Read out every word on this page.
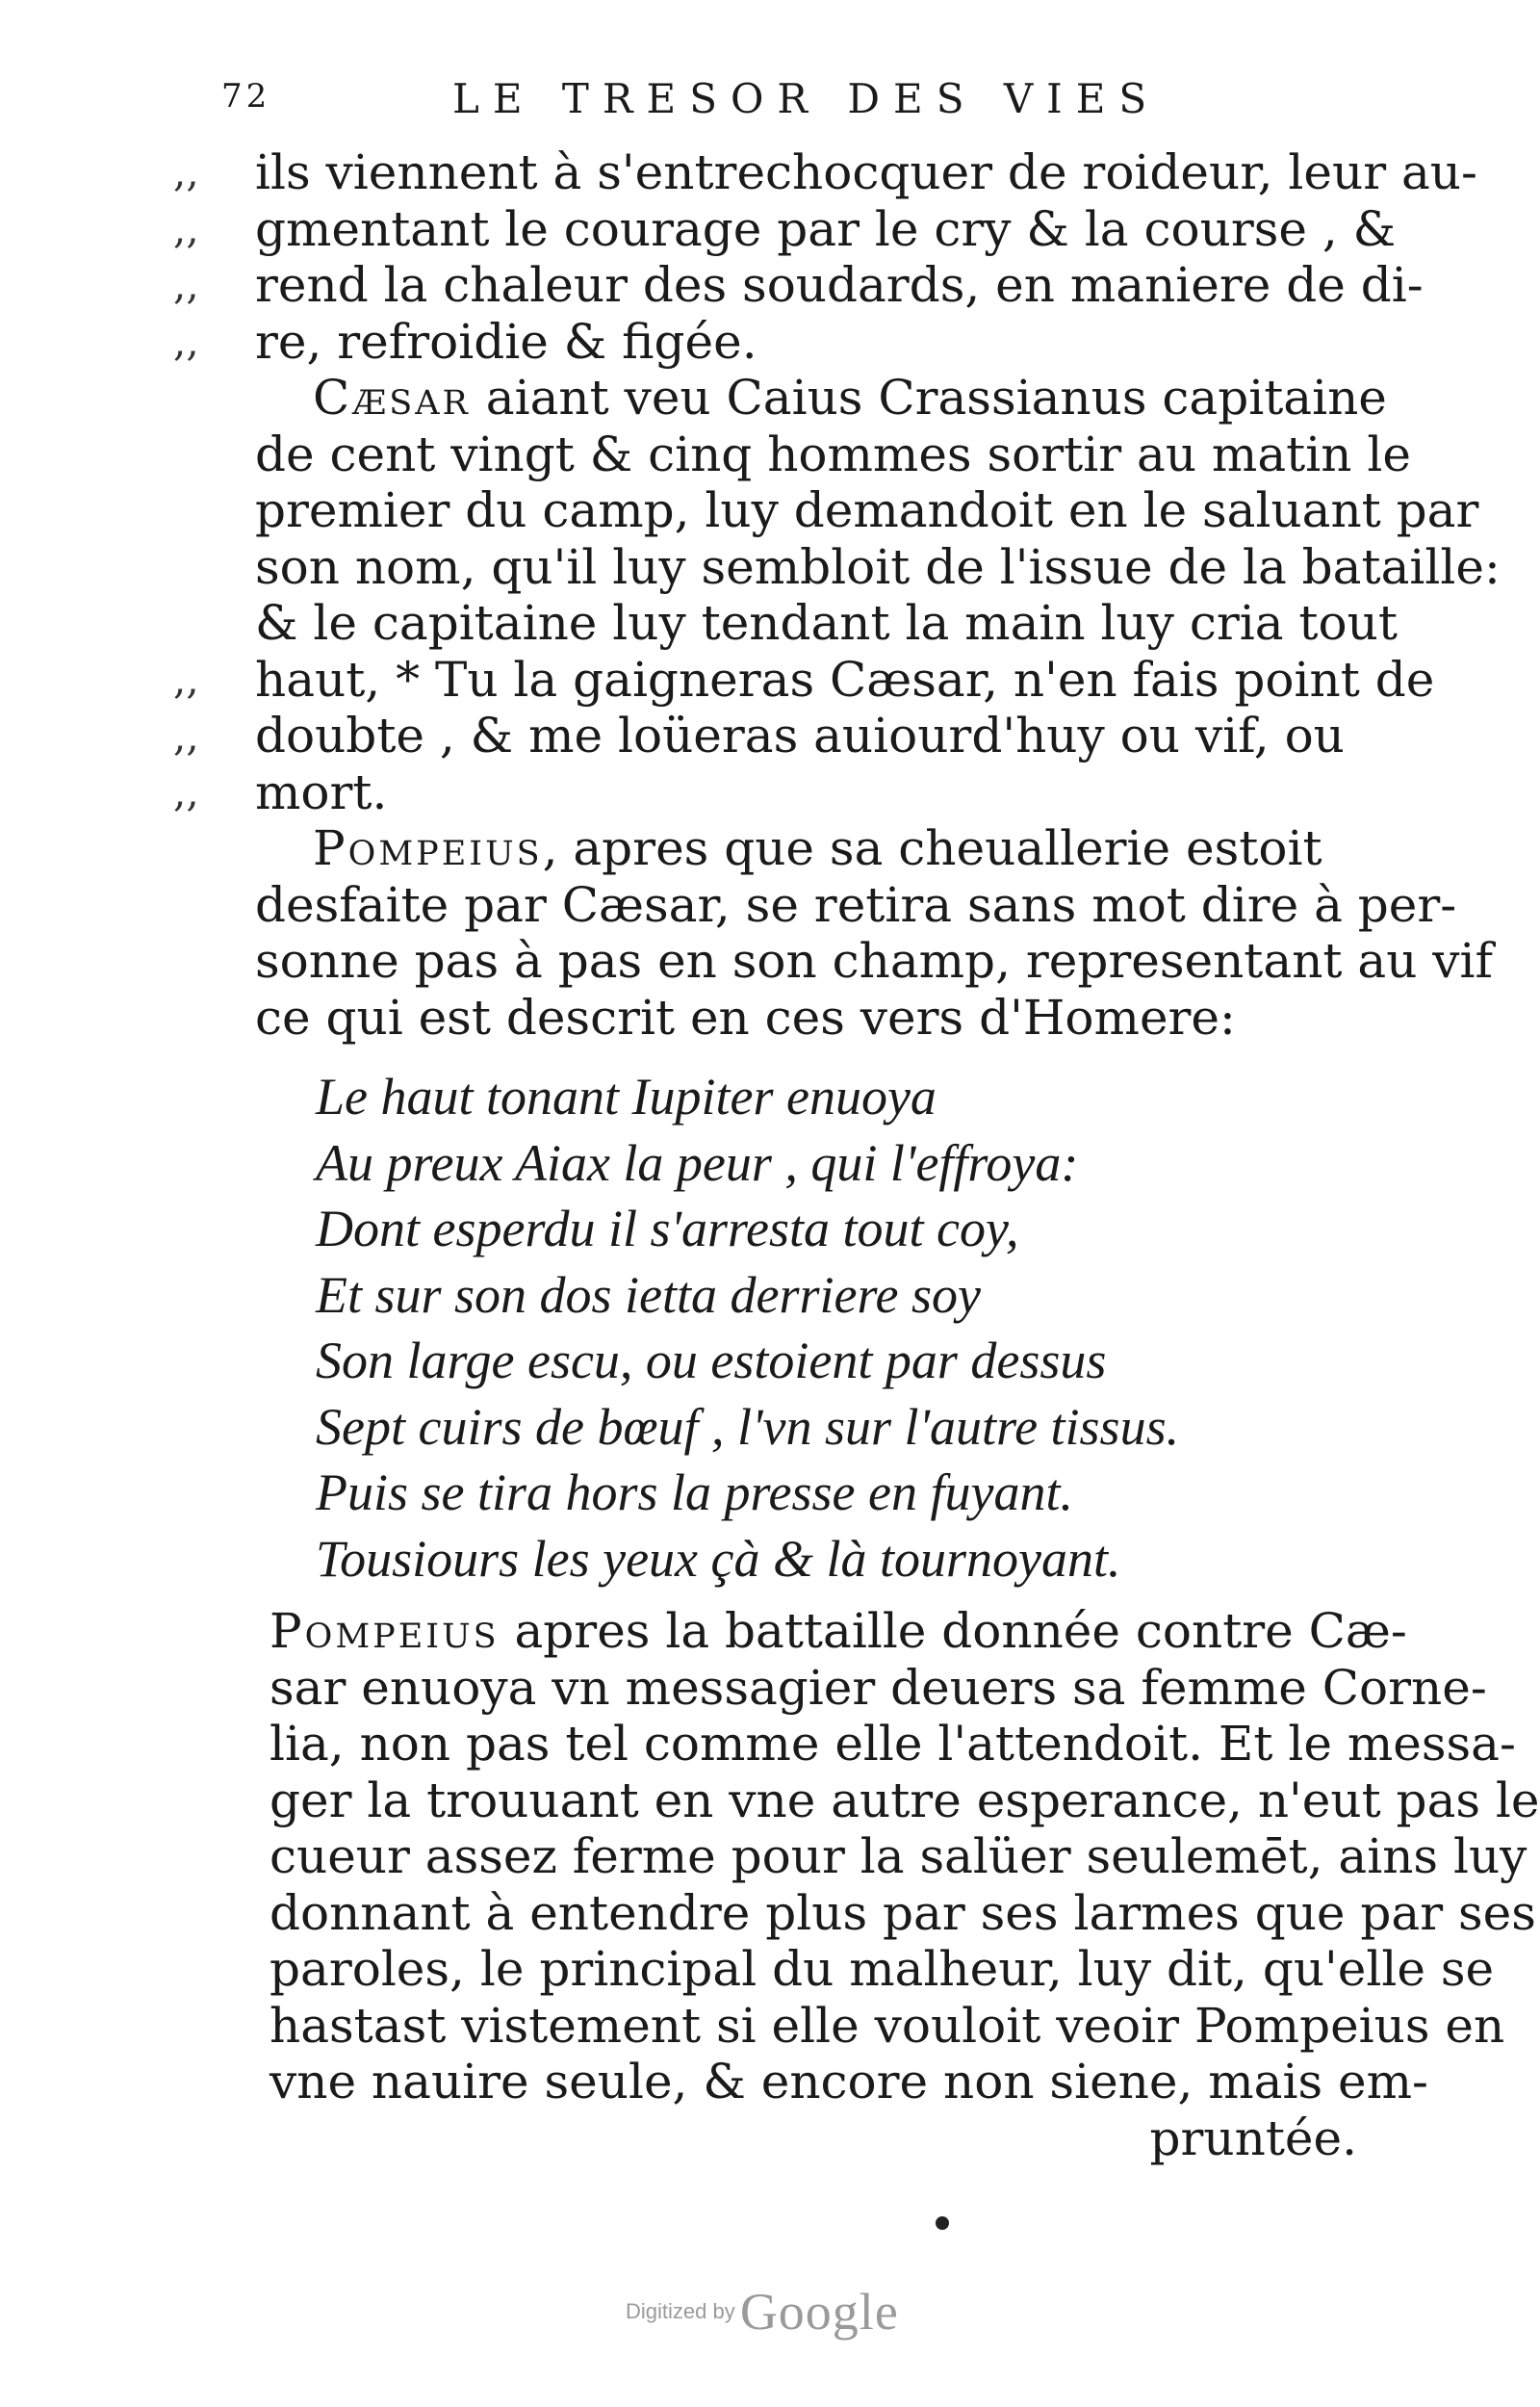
72	LE TRESOR DES VIES
,,
,,
,,
,,
,,
,,
,,
ils viennent à s'entrechocquer de roideur, leur au-
gmentant le courage par le cry & la course , &
rend la chaleur des soudards, en maniere de di-
re, refroidie & figée.
Cæsar aiant veu Caius Crassianus capitaine
de cent vingt & cinq hommes sortir au matin le
premier du camp, luy demandoit en le saluant par
son nom, qu'il luy sembloit de l'issue de la bataille:
& le capitaine luy tendant la main luy cria tout
haut, * Tu la gaigneras Cæsar, n'en fais point de
doubte , & me loüeras auiourd'huy ou vif, ou
mort.
Pompeius, apres que sa cheuallerie estoit
desfaite par Cæsar, se retira sans mot dire à per-
sonne pas à pas en son champ, representant au vif
ce qui est descrit en ces vers d'Homere:
Le haut tonant Iupiter enuoya
Au preux Aiax la peur , qui l'effroya:
Dont esperdu il s'arresta tout coy,
Et sur son dos ietta derriere soy
Son large escu, ou estoient par dessus
Sept cuirs de bœuf , l'vn sur l'autre tissus.
Puis se tira hors la presse en fuyant.
Tousiours les yeux çà & là tournoyant.
Pompeius apres la battaille donnée contre Cæ-
sar enuoya vn messagier deuers sa femme Corne-
lia, non pas tel comme elle l'attendoit. Et le messa-
ger la trouuant en vne autre esperance, n'eut pas le
cueur assez ferme pour la salüer seulemēt, ains luy
donnant à entendre plus par ses larmes que par ses
paroles, le principal du malheur, luy dit, qu'elle se
hastast vistement si elle vouloit veoir Pompeius en
vne nauire seule, & encore non siene, mais em-
pruntée.
Digitized by Google
